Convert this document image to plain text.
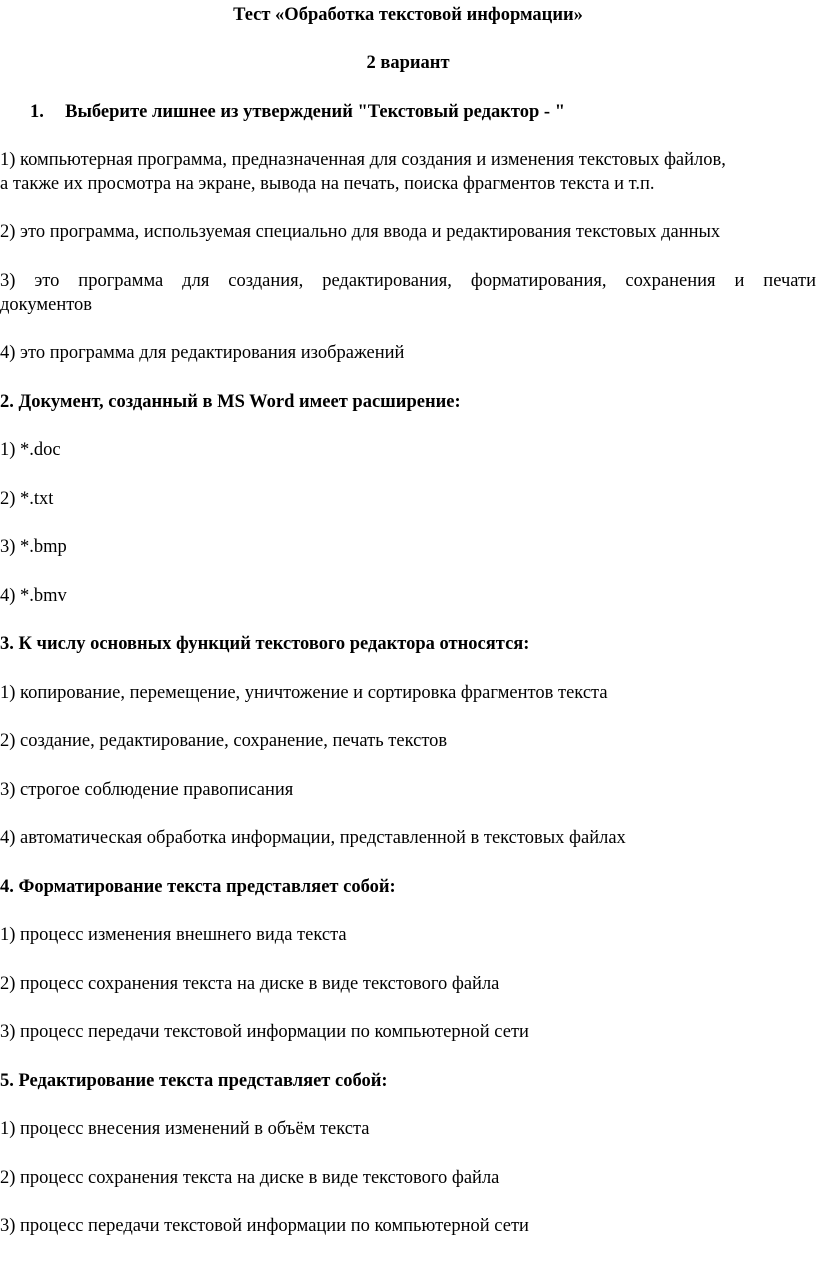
Тест «Обработка текстовой информации»
2 вариант
1. Выберите лишнее из утверждений "Текстовый редактор - "
1) компьютерная программа, предназначенная для создания и изменения текстовых файлов,
а также их просмотра на экране, вывода на печать, поиска фрагментов текста и т.п.
2) это программа, используемая специально для ввода и редактирования текстовых данных
3) это программа для создания, редактирования, форматирования, сохранения и печати
документов
4) это программа для редактирования изображений
2. Документ, созданный в MS Word имеет расширение:
1) *.doc
2) *.txt
3) *.bmp
4) *.bmv
3. К числу основных функций текстового редактора относятся:
1) копирование, перемещение, уничтожение и сортировка фрагментов текста
2) создание, редактирование, сохранение, печать текстов
3) строгое соблюдение правописания
4) автоматическая обработка информации, представленной в текстовых файлах
4. Форматирование текста представляет собой:
1) процесс изменения внешнего вида текста
2) процесс сохранения текста на диске в виде текстового файла
3) процесс передачи текстовой информации по компьютерной сети
5. Редактирование текста представляет собой:
1) процесс внесения изменений в объём текста
2) процесс сохранения текста на диске в виде текстового файла
3) процесс передачи текстовой информации по компьютерной сети
